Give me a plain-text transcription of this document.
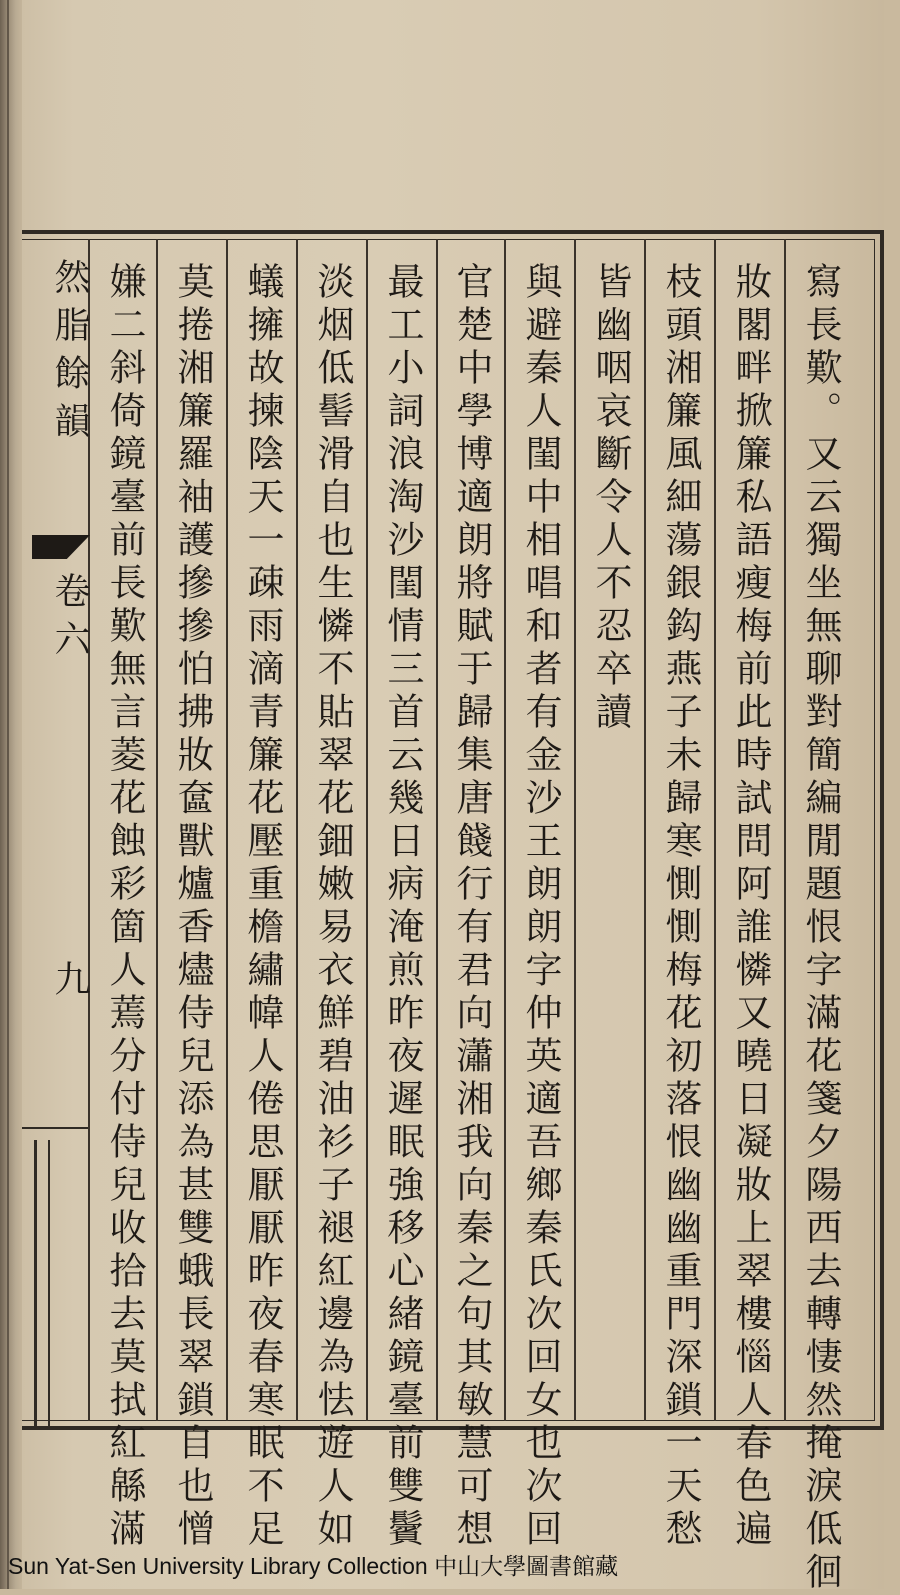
寫長歎。又云獨坐無聊對簡編閒題恨字滿花箋夕陽西去轉悽然掩淚低徊
妝閣畔掀簾私語瘦梅前此時試問阿誰憐又曉日凝妝上翠樓惱人春色遍
枝頭湘簾風細蕩銀鈎燕子未歸寒惻惻梅花初落恨幽幽重門深鎖一天愁
皆幽咽哀斷令人不忍卒讀
與避秦人閨中相唱和者有金沙王朗朗字仲英適吾鄉秦氏次回女也次回
官楚中學博適朗將賦于歸集唐餞行有君向瀟湘我向秦之句其敏慧可想
最工小詞浪淘沙閨情三首云幾日病淹煎昨夜遲眠強移心緒鏡臺前雙鬢
淡烟低髻滑自也生憐不貼翠花鈿嫩易衣鮮碧油衫子褪紅邊為怯遊人如
蟻擁故揀陰天一疎雨滴青簾花壓重檐繡幃人倦思厭厭昨夜春寒眠不足
莫捲湘簾羅袖護摻摻怕拂妝奩獸爐香燼侍兒添為甚雙蛾長翠鎖自也憎
嫌二斜倚鏡臺前長歎無言菱花蝕彩箇人蔫分付侍兒收拾去莫拭紅緜滿
然脂餘韻
卷六
九
Sun Yat-Sen University Library Collection 中山大學圖書館藏
